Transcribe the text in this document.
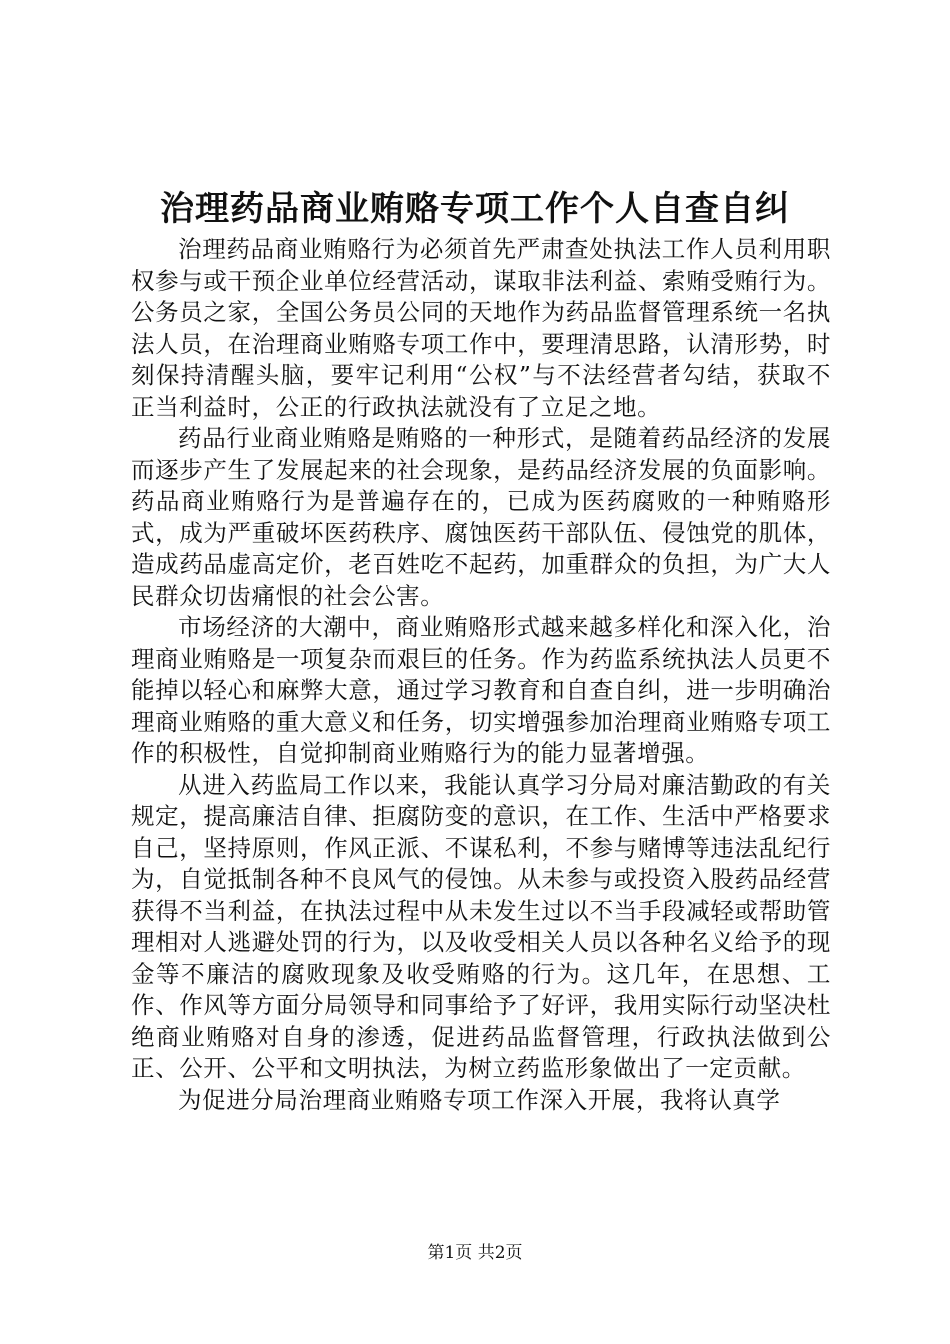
治理药品商业贿赂专项工作个人自查自纠

治理药品商业贿赂行为必须首先严肃查处执法工作人员利用职权参与或干预企业单位经营活动，谋取非法利益、索贿受贿行为。公务员之家，全国公务员公同的天地作为药品监督管理系统一名执法人员，在治理商业贿赂专项工作中，要理清思路，认清形势，时刻保持清醒头脑，要牢记利用“公权”与不法经营者勾结，获取不正当利益时，公正的行政执法就没有了立足之地。

药品行业商业贿赂是贿赂的一种形式，是随着药品经济的发展而逐步产生了发展起来的社会现象，是药品经济发展的负面影响。药品商业贿赂行为是普遍存在的，已成为医药腐败的一种贿赂形式，成为严重破坏医药秩序、腐蚀医药干部队伍、侵蚀党的肌体，造成药品虚高定价，老百姓吃不起药，加重群众的负担，为广大人民群众切齿痛恨的社会公害。

市场经济的大潮中，商业贿赂形式越来越多样化和深入化，治理商业贿赂是一项复杂而艰巨的任务。作为药监系统执法人员更不能掉以轻心和麻弊大意，通过学习教育和自查自纠，进一步明确治理商业贿赂的重大意义和任务，切实增强参加治理商业贿赂专项工作的积极性，自觉抑制商业贿赂行为的能力显著增强。

从进入药监局工作以来，我能认真学习分局对廉洁勤政的有关规定，提高廉洁自律、拒腐防变的意识，在工作、生活中严格要求自己，坚持原则，作风正派、不谋私利，不参与赌博等违法乱纪行为，自觉抵制各种不良风气的侵蚀。从未参与或投资入股药品经营获得不当利益，在执法过程中从未发生过以不当手段减轻或帮助管理相对人逃避处罚的行为，以及收受相关人员以各种名义给予的现金等不廉洁的腐败现象及收受贿赂的行为。这几年，在思想、工作、作风等方面分局领导和同事给予了好评，我用实际行动坚决杜绝商业贿赂对自身的渗透，促进药品监督管理，行政执法做到公正、公开、公平和文明执法，为树立药监形象做出了一定贡献。

为促进分局治理商业贿赂专项工作深入开展，我将认真学

第1页 共2页
